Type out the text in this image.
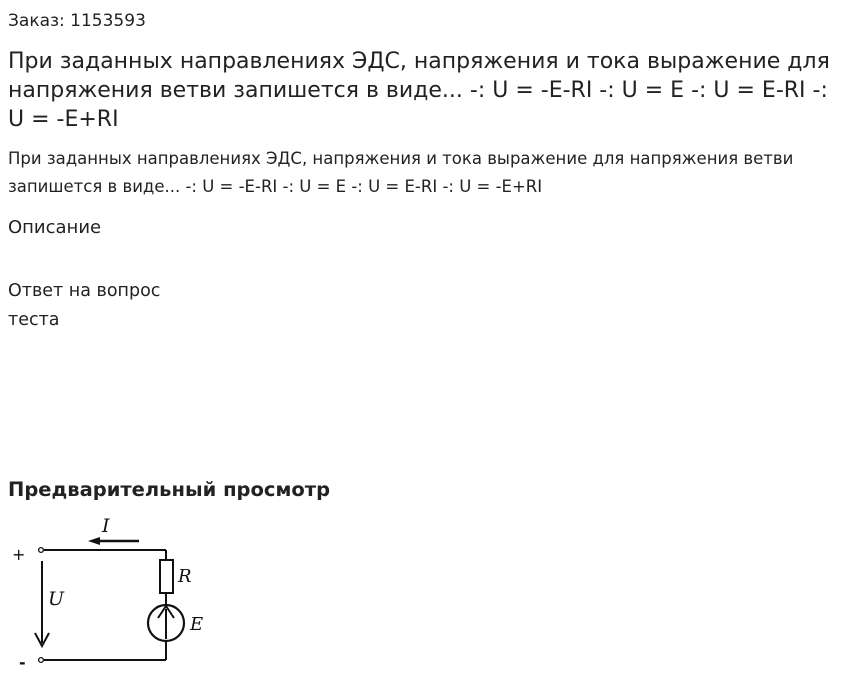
Заказ: 1153593
При заданных направлениях ЭДС, напряжения и тока выражение для напряжения ветви запишется в виде... -: U = -E-RI -: U = E -: U = E-RI -: U = -E+RI

При заданных направлениях ЭДС, напряжения и тока выражение для напряжения ветви запишется в виде... -: U = -E-RI -: U = E -: U = E-RI -: U = -E+RI

Описание

Ответ на вопрос теста

Предварительный просмотр
+
-
I
U
R
E
